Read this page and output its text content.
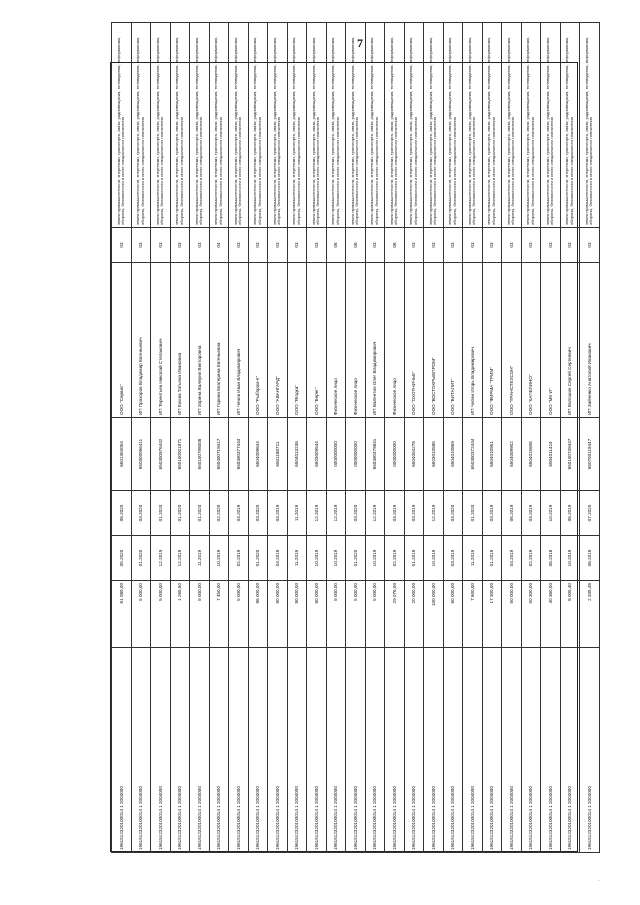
7
1961512320100014 1 2004000	61 089,00	05.2020	06.2020	6501304054	ООО "Сервис"	03	земли промышленности, энергетики, транспорта, связи, радиовещания, телевидения, информатики, обороны, безопасности и иного специального назначения
1961512320100014 1 2004000	5 000,00	01.2020	03.2020	650300956411	ИП Прохоров Владимир Евгеньевич	03	земли промышленности, энергетики, транспорта, связи, радиовещания, телевидения, информатики, обороны, безопасности и иного специального назначения
1961512320100014 1 2004000	5 000,00	12.2019	01.2020	650300976442	ИП Терентьев Николай Степанович	03	земли промышленности, энергетики, транспорта, связи, радиовещания, телевидения, информатики, обороны, безопасности и иного специального назначения
1961512320100014 1 2004000	1 265,50	12.2019	01.2020	650100001871	ИП Ежова Татьяна Ивановна	03	земли промышленности, энергетики, транспорта, связи, радиовещания, телевидения, информатики, обороны, безопасности и иного специального назначения
1961512320100014 1 2004000	5 000,00	11.2019	01.2020	650100798008	ИП Зорина Валерия Викторовна	03	земли промышленности, энергетики, транспорта, связи, радиовещания, телевидения, информатики, обороны, безопасности и иного специального назначения
1961512320100014 1 2004000	7 450,00	10.2019	02.2020	650400719417	ИП Горина Екатерина Евгеньевна	04	земли промышленности, энергетики, транспорта, связи, радиовещания, телевидения, информатики, обороны, безопасности и иного специального назначения
1961512320100014 1 2004000	5 000,00	02.2019	04.2019	650300377444	ИП Ченов Иван Владимирович	03	земли промышленности, энергетики, транспорта, связи, радиовещания, телевидения, информатики, обороны, безопасности и иного специального назначения
1961512320100014 1 2004000	86 000,00	01.2020	03.2020	6504009844	ООО "Рыбпром-К"	03	земли промышленности, энергетики, транспорта, связи, радиовещания, телевидения, информатики, обороны, безопасности и иного специального назначения
1961512320100014 1 2004000	80 000,00	04.2019	04.2019	6501188721	ООО "АВАНГАРД"	03	земли промышленности, энергетики, транспорта, связи, радиовещания, телевидения, информатики, обороны, безопасности и иного специального назначения
1961512320100014 1 2004000	80 000,00	11.2019	11.2019	6504013236	ООО "Ягодка"	03	земли промышленности, энергетики, транспорта, связи, радиовещания, телевидения, информатики, обороны, безопасности и иного специального назначения
1961512320100014 1 2004000	80 000,00	10.2019	12.2019	6503009544	ООО "Берег"	03	земли промышленности, энергетики, транспорта, связи, радиовещания, телевидения, информатики, обороны, безопасности и иного специального назначения
1961512320100014 1 2004000	5 000,00	10.2019	12.2019	0000000000	Физическое лицо	06	земли промышленности, энергетики, транспорта, связи, радиовещания, телевидения, информатики, обороны, безопасности и иного специального назначения
1961512320100014 1 2004000	5 000,00	01.2020	03.2020	0000000000	Физическое лицо	06	земли промышленности, энергетики, транспорта, связи, радиовещания, телевидения, информатики, обороны, безопасности и иного специального назначения
1961512320100014 1 2004000	5 000,00	10.2019	12.2019	650300479841	ИП Валентин Олег Владимирович	03	земли промышленности, энергетики, транспорта, связи, радиовещания, телевидения, информатики, обороны, безопасности и иного специального назначения
1961512320100014 1 2004000	29 076,00	02.2019	04.2019	0000000000	Физическое лицо	06	земли промышленности, энергетики, транспорта, связи, радиовещания, телевидения, информатики, обороны, безопасности и иного специального назначения
1961512320100014 1 2004000	20 000,00	01.2019	03.2019	6504004278	ООО "ОХОТНИЧЬЕ"	03	земли промышленности, энергетики, транспорта, связи, радиовещания, телевидения, информатики, обороны, безопасности и иного специального назначения
1961512320100014 1 2004000	100 000,00	10.2019	12.2019	6503010585	ООО "ВОСТОКРЫБПРОМ"	03	земли промышленности, энергетики, транспорта, связи, радиовещания, телевидения, информатики, обороны, безопасности и иного специального назначения
1961512320100014 1 2004000	60 000,00	03.2019	04.2020	6504010869	ООО "ВИТАЛИТ"	03	земли промышленности, энергетики, транспорта, связи, радиовещания, телевидения, информатики, обороны, безопасности и иного специального назначения
1961512320100014 1 2004000	7 600,00	11.2019	01.2020	650300372444	ИП Чипан Игорь Владимирович	03	земли промышленности, энергетики, транспорта, связи, радиовещания, телевидения, информатики, обороны, безопасности и иного специального назначения
1961512320100014 1 2004000	17 300,00	01.2019	03.2019	6504010951	ООО "ФИРМА "ТРИМ"	03	земли промышленности, энергетики, транспорта, связи, радиовещания, телевидения, информатики, обороны, безопасности и иного специального назначения
1961512320100014 1 2004000	50 000,00	04.2019	06.2019	6504009902	ООО "ТРАНСТЕХСОН"	03	земли промышленности, энергетики, транспорта, связи, радиовещания, телевидения, информатики, обороны, безопасности и иного специального назначения
1961512320100014 1 2004000	50 300,00	02.2019	04.2019	6504015806	ООО "КАПЕЛИНО"	03	земли промышленности, энергетики, транспорта, связи, радиовещания, телевидения, информатики, обороны, безопасности и иного специального назначения
1961512320100014 1 2004000	40 360,00	06.2018	10.2019	6504011424	ООО "МК-И"	03	земли промышленности, энергетики, транспорта, связи, радиовещания, телевидения, информатики, обороны, безопасности и иного специального назначения
1961512320100014 1 2004000	8 005,40	10.2019	06.2019	650100749447	ИП Волошин Сергей Сергеевич	03	земли промышленности, энергетики, транспорта, связи, радиовещания, телевидения, информатики, обороны, безопасности и иного специального назначения
1961512320100014 1 2004000	2 335,48	06.2019	07.2020	650700119447	ИП Зайченко Анатолий Иванович	03	земли промышленности, энергетики, транспорта, связи, радиовещания, телевидения, информатики, обороны, безопасности и иного специального назначения
·
